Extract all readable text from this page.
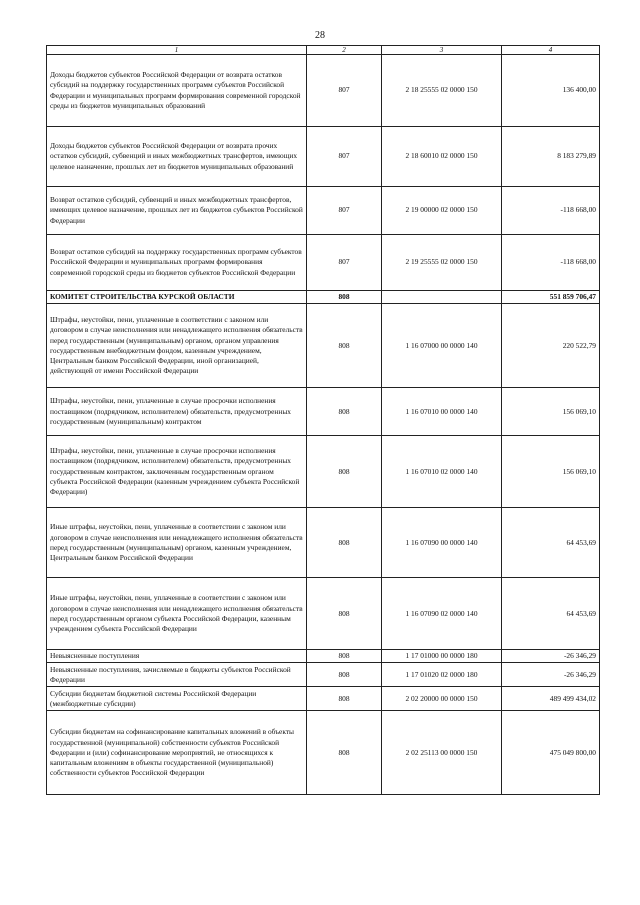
28
1	2	3	4
Доходы бюджетов субъектов Российской Федерации от возврата остатков субсидий на поддержку государственных программ субъектов Российской Федерации и муниципальных программ формирования современной городской среды из бюджетов муниципальных образований	807	2 18 25555 02 0000 150	136 400,00
Доходы бюджетов субъектов Российской Федерации от возврата прочих остатков субсидий, субвенций и иных межбюджетных трансфертов, имеющих целевое назначение, прошлых лет из бюджетов муниципальных образований	807	2 18 60010 02 0000 150	8 183 279,89
Возврат остатков субсидий, субвенций и иных межбюджетных трансфертов, имеющих целевое назначение, прошлых лет из бюджетов субъектов Российской Федерации	807	2 19 00000 02 0000 150	-118 668,00
Возврат остатков субсидий на поддержку государственных программ субъектов Российской Федерации и муниципальных программ формирования современной городской среды из бюджетов субъектов Российской Федерации	807	2 19 25555 02 0000 150	-118 668,00
КОМИТЕТ СТРОИТЕЛЬСТВА КУРСКОЙ ОБЛАСТИ	808		551 859 706,47
Штрафы, неустойки, пени, уплаченные в соответствии с законом или договором в случае неисполнения или ненадлежащего исполнения обязательств перед государственным (муниципальным) органом, органом управления государственным внебюджетным фондом, казенным учреждением, Центральным банком Российской Федерации, иной организацией, действующей от имени Российской Федерации	808	1 16 07000 00 0000 140	220 522,79
Штрафы, неустойки, пени, уплаченные в случае просрочки исполнения поставщиком (подрядчиком, исполнителем) обязательств, предусмотренных государственным (муниципальным) контрактом	808	1 16 07010 00 0000 140	156 069,10
Штрафы, неустойки, пени, уплаченные в случае просрочки исполнения поставщиком (подрядчиком, исполнителем) обязательств, предусмотренных государственным контрактом, заключенным государственным органом субъекта Российской Федерации (казенным учреждением субъекта Российской Федерации)	808	1 16 07010 02 0000 140	156 069,10
Иные штрафы, неустойки, пени, уплаченные в соответствии с законом или договором в случае неисполнения или ненадлежащего исполнения обязательств перед государственным (муниципальным) органом, казенным учреждением, Центральным банком Российской Федерации	808	1 16 07090 00 0000 140	64 453,69
Иные штрафы, неустойки, пени, уплаченные в соответствии с законом или договором в случае неисполнения или ненадлежащего исполнения обязательств перед государственным органом субъекта Российской Федерации, казенным учреждением субъекта Российской Федерации	808	1 16 07090 02 0000 140	64 453,69
Невыясненные поступления	808	1 17 01000 00 0000 180	-26 346,29
Невыясненные поступления, зачисляемые в бюджеты субъектов Российской Федерации	808	1 17 01020 02 0000 180	-26 346,29
Субсидии бюджетам бюджетной системы Российской Федерации (межбюджетные субсидии)	808	2 02 20000 00 0000 150	489 499 434,02
Субсидии бюджетам на софинансирование капитальных вложений в объекты государственной (муниципальной) собственности субъектов Российской Федерации и (или) софинансирование мероприятий, не относящихся к капитальным вложениям в объекты государственной (муниципальной) собственности субъектов Российской Федерации	808	2 02 25113 00 0000 150	475 049 800,00
